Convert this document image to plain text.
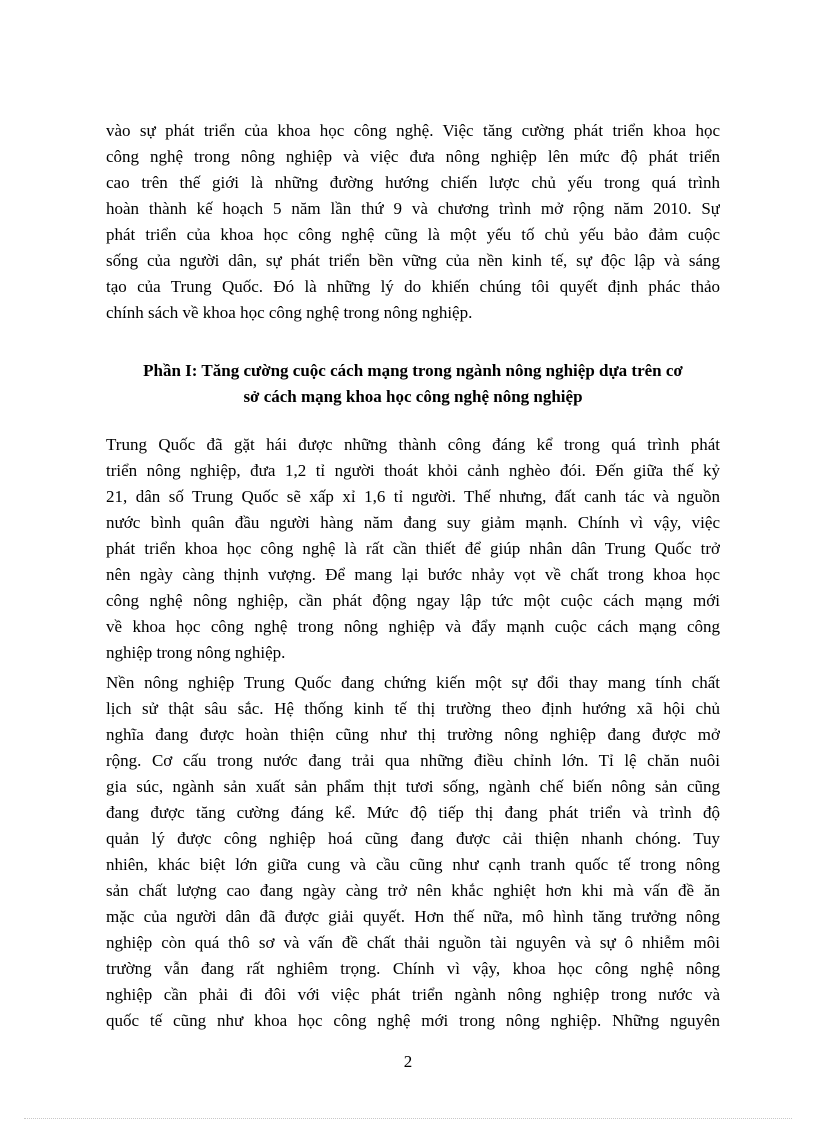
vào sự phát triển của khoa học công nghệ. Việc tăng cường phát triển khoa học
công nghệ trong nông nghiệp và việc đưa nông nghiệp lên mức độ phát triển
cao trên thế giới là những đường hướng chiến lược chủ yếu trong quá trình
hoàn thành kế hoạch 5 năm lần thứ 9 và chương trình mở rộng năm 2010. Sự
phát triển của khoa học công nghệ cũng là một yếu tố chủ yếu bảo đảm cuộc
sống của người dân, sự phát triển bền vững của nền kinh tế, sự độc lập và sáng
tạo của Trung Quốc. Đó là những lý do khiến chúng tôi quyết định phác thảo
chính sách về khoa học công nghệ trong nông nghiệp.
Phần I: Tăng cường cuộc cách mạng trong ngành nông nghiệp dựa trên cơ
sở cách mạng khoa học công nghệ nông nghiệp
Trung Quốc đã gặt hái được những thành công đáng kể trong quá trình phát
triển nông nghiệp, đưa 1,2 tỉ người thoát khỏi cảnh nghèo đói. Đến giữa thế kỷ
21, dân số Trung Quốc sẽ xấp xỉ 1,6 tỉ người. Thế nhưng, đất canh tác và nguồn
nước bình quân đầu người hàng năm đang suy giảm mạnh. Chính vì vậy, việc
phát triển khoa học công nghệ là rất cần thiết để giúp nhân dân Trung Quốc trở
nên ngày càng thịnh vượng. Để mang lại bước nhảy vọt về chất trong khoa học
công nghệ nông nghiệp, cần phát động ngay lập tức một cuộc cách mạng mới
về khoa học công nghệ trong nông nghiệp và đẩy mạnh cuộc cách mạng công
nghiệp trong nông nghiệp.
Nền nông nghiệp Trung Quốc đang chứng kiến một sự đổi thay mang tính chất
lịch sử thật sâu sắc. Hệ thống kinh tế thị trường theo định hướng xã hội chủ
nghĩa đang được hoàn thiện cũng như thị trường nông nghiệp đang được mở
rộng. Cơ cấu trong nước đang trải qua những điều chỉnh lớn. Tỉ lệ chăn nuôi
gia súc, ngành sản xuất sản phẩm thịt tươi sống, ngành chế biến nông sản cũng
đang được tăng cường đáng kể. Mức độ tiếp thị đang phát triển và trình độ
quản lý được công nghiệp hoá cũng đang được cải thiện nhanh chóng. Tuy
nhiên, khác biệt lớn giữa cung và cầu cũng như cạnh tranh quốc tế trong nông
sản chất lượng cao đang ngày càng trở nên khắc nghiệt hơn khi mà vấn đề ăn
mặc của người dân đã được giải quyết. Hơn thế nữa, mô hình tăng trưởng nông
nghiệp còn quá thô sơ và vấn đề chất thải nguồn tài nguyên và sự ô nhiễm môi
trường vẫn đang rất nghiêm trọng. Chính vì vậy, khoa học công nghệ nông
nghiệp cần phải đi đôi với việc phát triển ngành nông nghiệp trong nước và
quốc tế cũng như khoa học công nghệ mới trong nông nghiệp. Những nguyên
2
